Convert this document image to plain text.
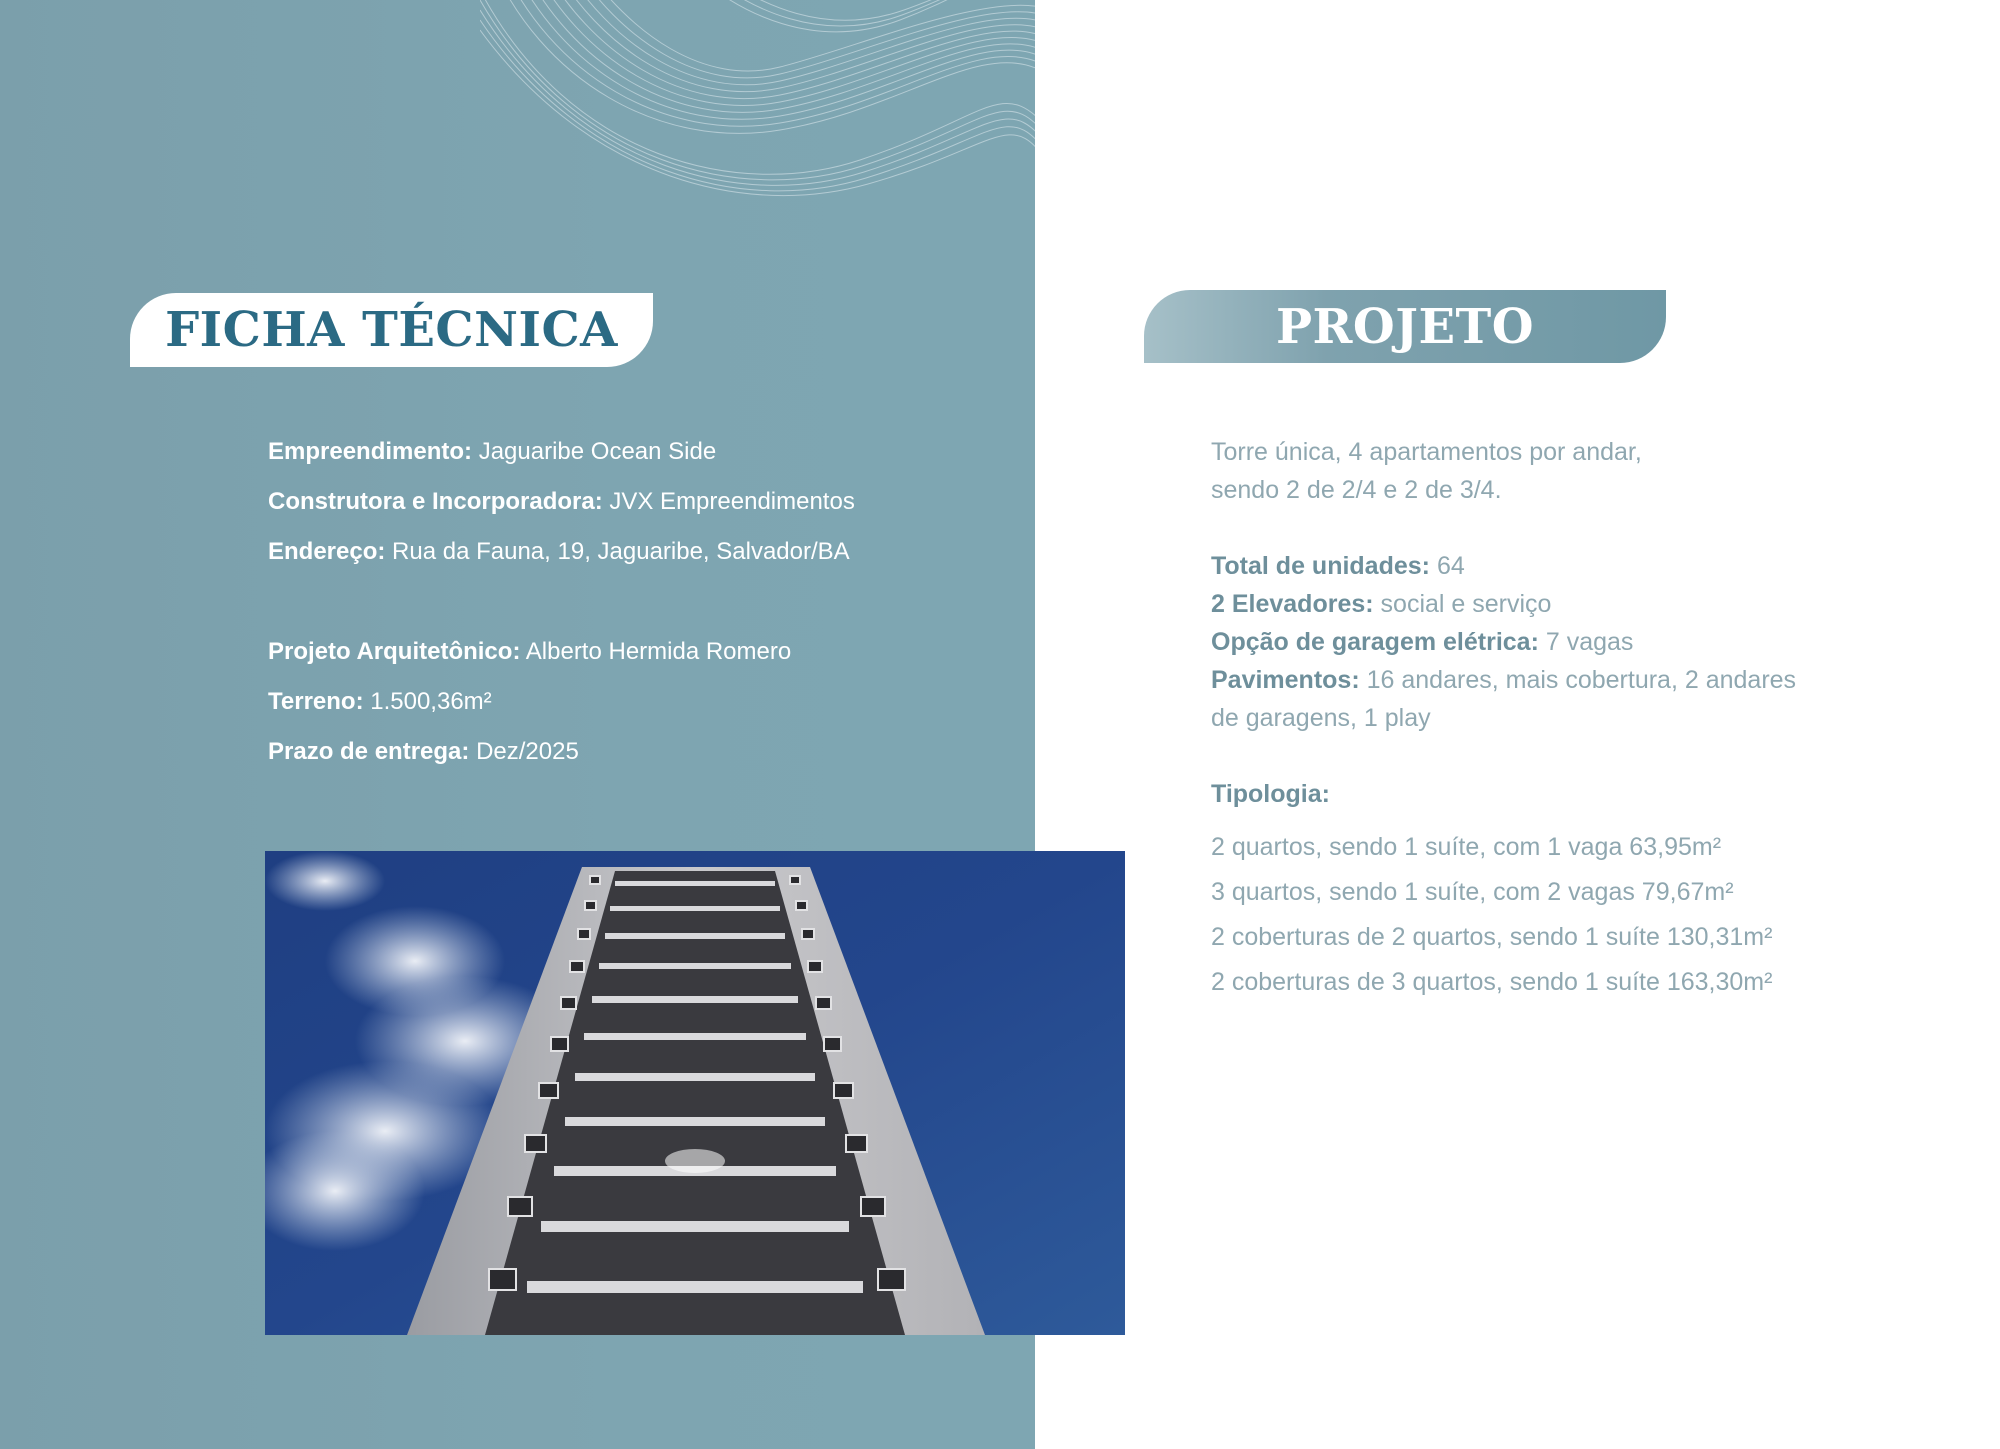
FICHA TÉCNICA
Empreendimento: Jaguaribe Ocean Side
Construtora e Incorporadora: JVX Empreendimentos
Endereço: Rua da Fauna, 19, Jaguaribe, Salvador/BA
Projeto Arquitetônico: Alberto Hermida Romero
Terreno: 1.500,36m²
Prazo de entrega: Dez/2025
PROJETO
Torre única, 4 apartamentos por andar,
sendo 2 de 2/4 e 2 de 3/4.
Total de unidades: 64
2 Elevadores: social e serviço
Opção de garagem elétrica: 7 vagas
Pavimentos: 16 andares, mais cobertura, 2 andares
de garagens, 1 play
Tipologia:
2 quartos, sendo 1 suíte, com 1 vaga 63,95m²
3 quartos, sendo 1 suíte, com 2 vagas 79,67m²
2 coberturas de 2 quartos, sendo 1 suíte 130,31m²
2 coberturas de 3 quartos, sendo 1 suíte 163,30m²
